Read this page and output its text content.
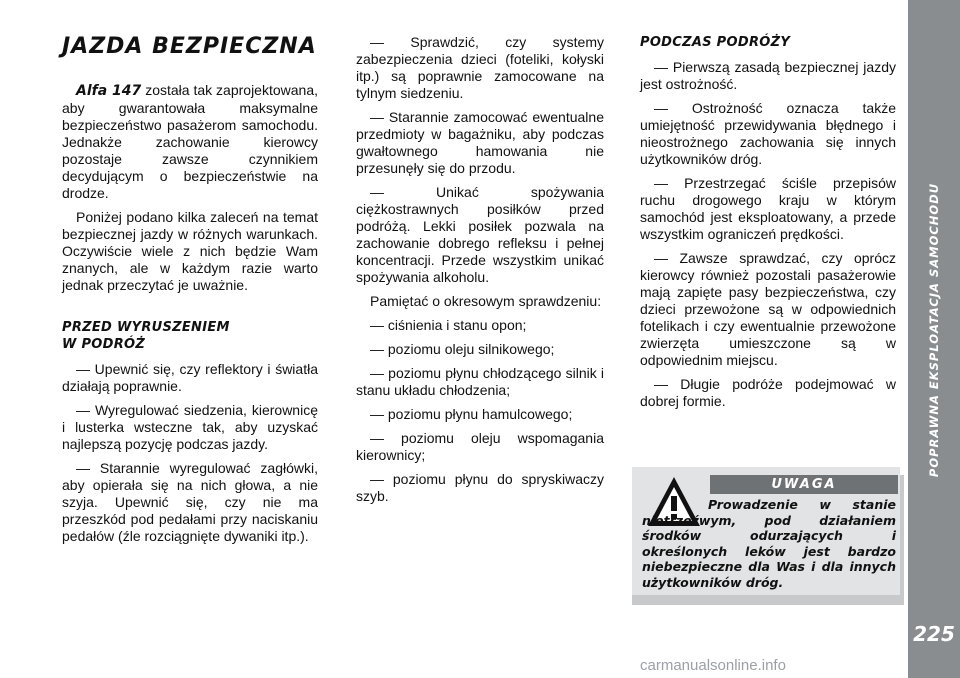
JAZDA BEZPIECZNA

Alfa 147 została tak zaprojektowana, aby gwarantowała maksymalne bezpieczeństwo pasażerom samochodu. Jednakże zachowanie kierowcy pozostaje zawsze czynnikiem decydującym o bezpieczeństwie na drodze.

Poniżej podano kilka zaleceń na temat bezpiecznej jazdy w różnych warunkach. Oczywiście wiele z nich będzie Wam znanych, ale w każdym razie warto jednak przeczytać je uważnie.

PRZED WYRUSZENIEM
W PODRÓŻ

— Upewnić się, czy reflektory i światła działają poprawnie.

— Wyregulować siedzenia, kierownicę i lusterka wsteczne tak, aby uzyskać najlepszą pozycję podczas jazdy.

— Starannie wyregulować zagłówki, aby opierała się na nich głowa, a nie szyja. Upewnić się, czy nie ma przeszkód pod pedałami przy naciskaniu pedałów (źle rozciągnięte dywaniki itp.).

— Sprawdzić, czy systemy zabezpieczenia dzieci (foteliki, kołyski itp.) są poprawnie zamocowane na tylnym siedzeniu.

— Starannie zamocować ewentualne przedmioty w bagażniku, aby podczas gwałtownego hamowania nie przesunęły się do przodu.

— Unikać spożywania ciężkostrawnych posiłków przed podróżą. Lekki posiłek pozwala na zachowanie dobrego refleksu i pełnej koncentracji. Przede wszystkim unikać spożywania alkoholu.

Pamiętać o okresowym sprawdzeniu:

— ciśnienia i stanu opon;

— poziomu oleju silnikowego;

— poziomu płynu chłodzącego silnik i stanu układu chłodzenia;

— poziomu płynu hamulcowego;

— poziomu oleju wspomagania kierownicy;

— poziomu płynu do spryskiwaczy szyb.

PODCZAS PODRÓŻY

— Pierwszą zasadą bezpiecznej jazdy jest ostrożność.

— Ostrożność oznacza także umiejętność przewidywania błędnego i nieostrożnego zachowania się innych użytkowników dróg.

— Przestrzegać ściśle przepisów ruchu drogowego kraju w którym samochód jest eksploatowany, a przede wszystkim ograniczeń prędkości.

— Zawsze sprawdzać, czy oprócz kierowcy również pozostali pasażerowie mają zapięte pasy bezpieczeństwa, czy dzieci przewożone są w odpowiednich fotelikach i czy ewentualnie przewożone zwierzęta umieszczone są w odpowiednim miejscu.

— Długie podróże podejmować w dobrej formie.

UWAGA
Prowadzenie w stanie nietrzeźwym, pod działaniem środków odurzających i określonych leków jest bardzo niebezpieczne dla Was i dla innych użytkowników dróg.
POPRAWNA EKSPLOATACJA SAMOCHODU
225
carmanualsonline.info
